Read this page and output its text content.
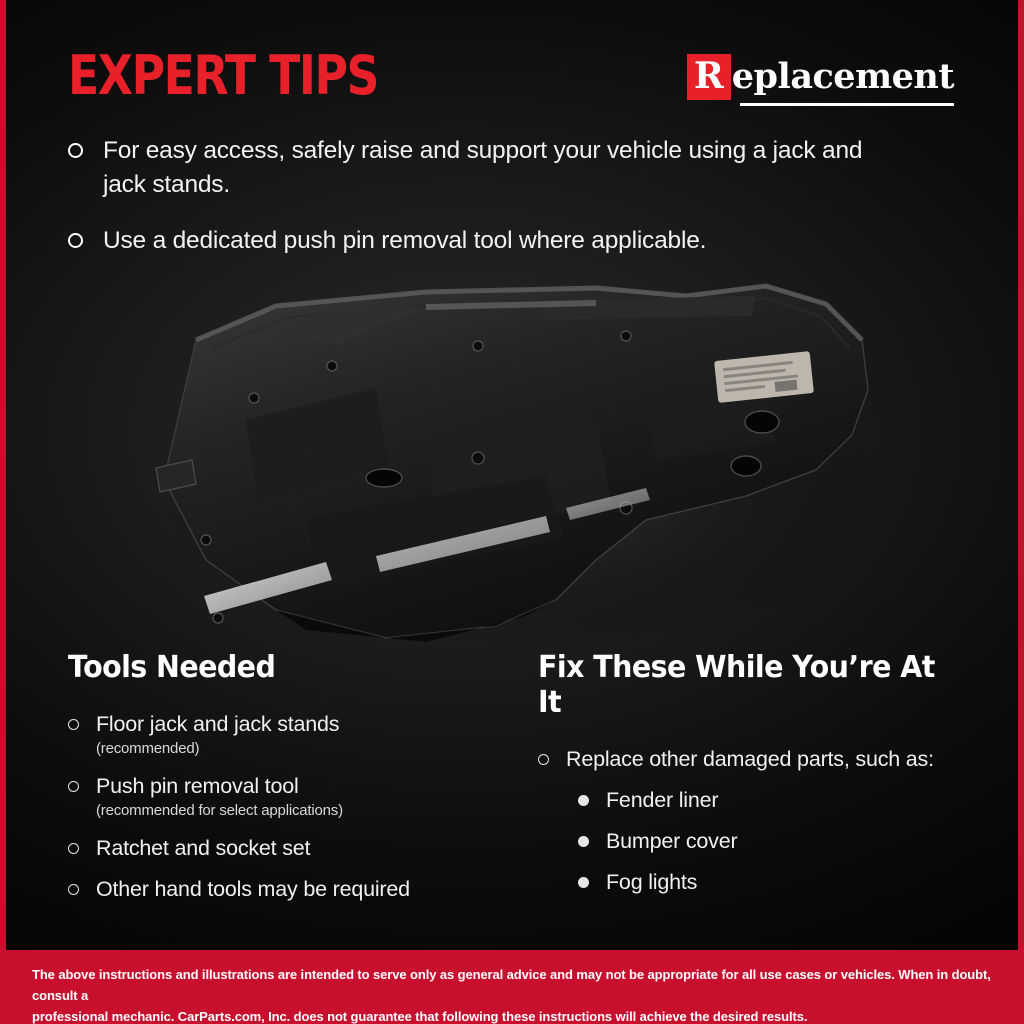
EXPERT TIPS	R eplacement
For easy access, safely raise and support your vehicle using a jack and jack stands.
Use a dedicated push pin removal tool where applicable.
Tools Needed
Floor jack and jack stands
(recommended)
Push pin removal tool
(recommended for select applications)
Ratchet and socket set
Other hand tools may be required
Fix These While You’re At It
Replace other damaged parts, such as:
Fender liner
Bumper cover
Fog lights

The above instructions and illustrations are intended to serve only as general advice and may not be appropriate for all use cases or vehicles. When in doubt, consult a

professional mechanic. CarParts.com, Inc. does not guarantee that following these instructions will achieve the desired results.
